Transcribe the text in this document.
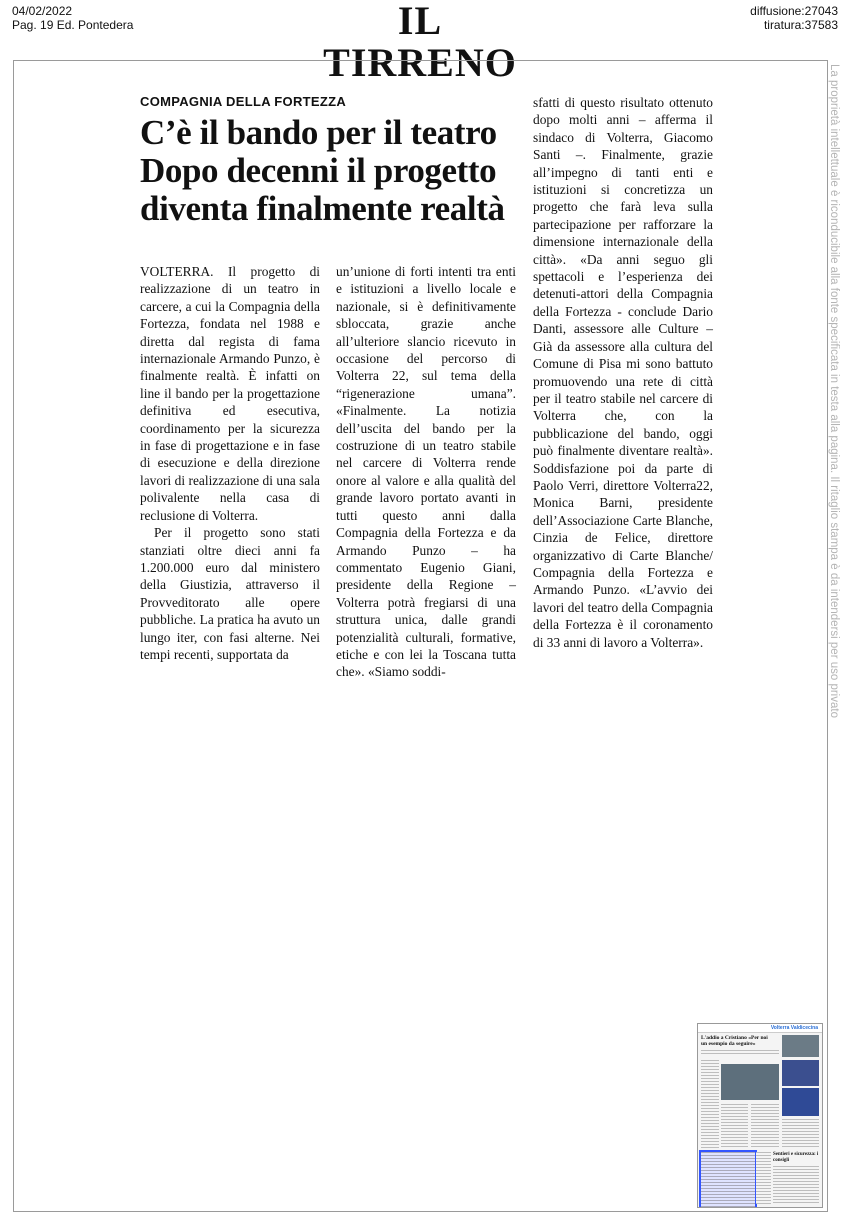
04/02/2022
Pag. 19 Ed. Pontedera	IL TIRRENO
diffusione:27043
tiratura:37583
La proprietà intellettuale è riconducibile alla fonte specificata in testa alla pagina. Il ritaglio stampa è da intendersi per uso privato
COMPAGNIA DELLA FORTEZZA
C’è il bando per il teatro
Dopo decenni il progetto
diventa finalmente realtà

VOLTERRA. Il progetto di realizzazione di un teatro in carcere, a cui la Compagnia della Fortezza, fondata nel 1988 e diretta dal regista di fama internazionale Armando Punzo, è finalmente realtà. È infatti on line il bando per la progettazione definitiva ed esecutiva, coordinamento per la sicurezza in fase di progettazione e in fase di esecuzione e della direzione lavori di realizzazione di una sala polivalente nella casa di reclusione di Volterra.

Per il progetto sono stati stanziati oltre dieci anni fa 1.200.000 euro dal ministero della Giustizia, attraverso il Provveditorato alle opere pubbliche. La pratica ha avuto un lungo iter, con fasi alterne. Nei tempi recenti, supportata da

un’unione di forti intenti tra enti e istituzioni a livello locale e nazionale, si è definitivamente sbloccata, grazie anche all’ulteriore slancio ricevuto in occasione del percorso di Volterra 22, sul tema della “rigenerazione umana”. «Finalmente. La notizia dell’uscita del bando per la costruzione di un teatro stabile nel carcere di Volterra rende onore al valore e alla qualità del grande lavoro portato avanti in tutti questo anni dalla Compagnia della Fortezza e da Armando Punzo – ha commentato Eugenio Giani, presidente della Regione – Volterra potrà fregiarsi di una struttura unica, dalle grandi potenzialità culturali, formative, etiche e con lei la Toscana tutta che». «Siamo soddi-

sfatti di questo risultato ottenuto dopo molti anni – afferma il sindaco di Volterra, Giacomo Santi –. Finalmente, grazie all’impegno di tanti enti e istituzioni si concretizza un progetto che farà leva sulla partecipazione per rafforzare la dimensione internazionale della città». «Da anni seguo gli spettacoli e l’esperienza dei detenuti-attori della Compagnia della Fortezza - conclude Dario Danti, assessore alle Culture – Già da assessore alla cultura del Comune di Pisa mi sono battuto promuovendo una rete di città per il teatro stabile nel carcere di Volterra che, con la pubblicazione del bando, oggi può finalmente diventare realtà». Soddisfazione poi da parte di Paolo Verri, direttore Volterra22, Monica Barni, presidente dell’Associazione Carte Blanche, Cinzia de Felice, direttore organizzativo di Carte Blanche/ Compagnia della Fortezza e Armando Punzo. «L’avvio dei lavori del teatro della Compagnia della Fortezza è il coronamento di 33 anni di lavoro a Volterra».

Volterra Valdicecina
L'addio a Cristiano «Per noi un esempio da seguire»
Sentieri e sicurezza: i consigli
